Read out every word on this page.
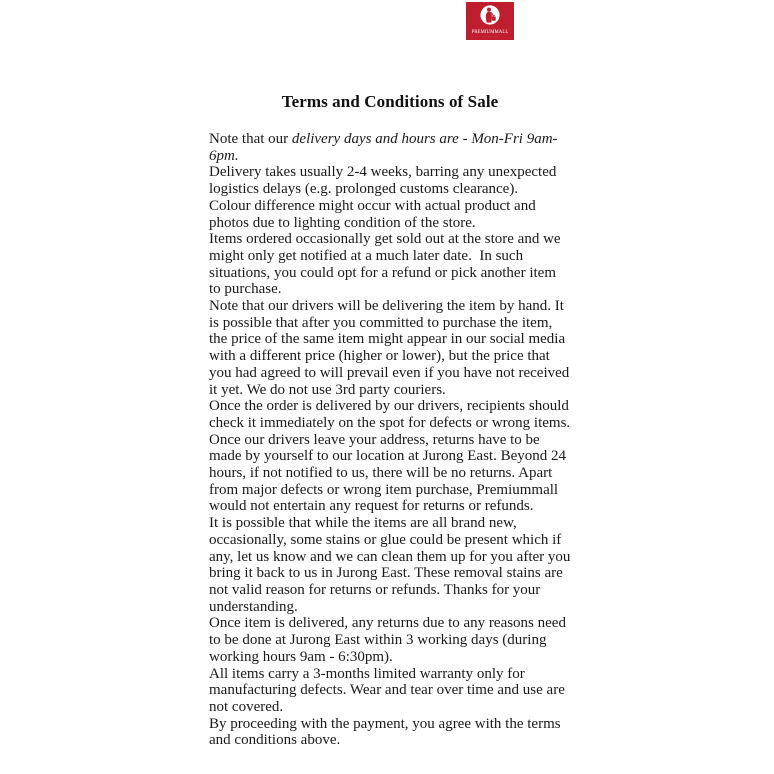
PREMIUMMALL
· · · · · · · · · · · · · ·
Terms and Conditions of Sale

Note that our delivery days and hours are - Mon-Fri 9am-6pm.

Delivery takes usually 2-4 weeks, barring any unexpected logistics delays (e.g. prolonged customs clearance).

Colour difference might occur with actual product and photos due to lighting condition of the store.

Items ordered occasionally get sold out at the store and we might only get notified at a much later date.  In such situations, you could opt for a refund or pick another item to purchase.

Note that our drivers will be delivering the item by hand. It is possible that after you committed to purchase the item, the price of the same item might appear in our social media with a different price (higher or lower), but the price that you had agreed to will prevail even if you have not received it yet. We do not use 3rd party couriers.

Once the order is delivered by our drivers, recipients should check it immediately on the spot for defects or wrong items.

Once our drivers leave your address, returns have to be made by yourself to our location at Jurong East. Beyond 24 hours, if not notified to us, there will be no returns. Apart from major defects or wrong item purchase, Premiummall would not entertain any request for returns or refunds.

It is possible that while the items are all brand new, occasionally, some stains or glue could be present which if any, let us know and we can clean them up for you after you bring it back to us in Jurong East. These removal stains are not valid reason for returns or refunds. Thanks for your understanding.

Once item is delivered, any returns due to any reasons need to be done at Jurong East within 3 working days (during working hours 9am - 6:30pm).

All items carry a 3-months limited warranty only for manufacturing defects. Wear and tear over time and use are not covered.

By proceeding with the payment, you agree with the terms and conditions above.
